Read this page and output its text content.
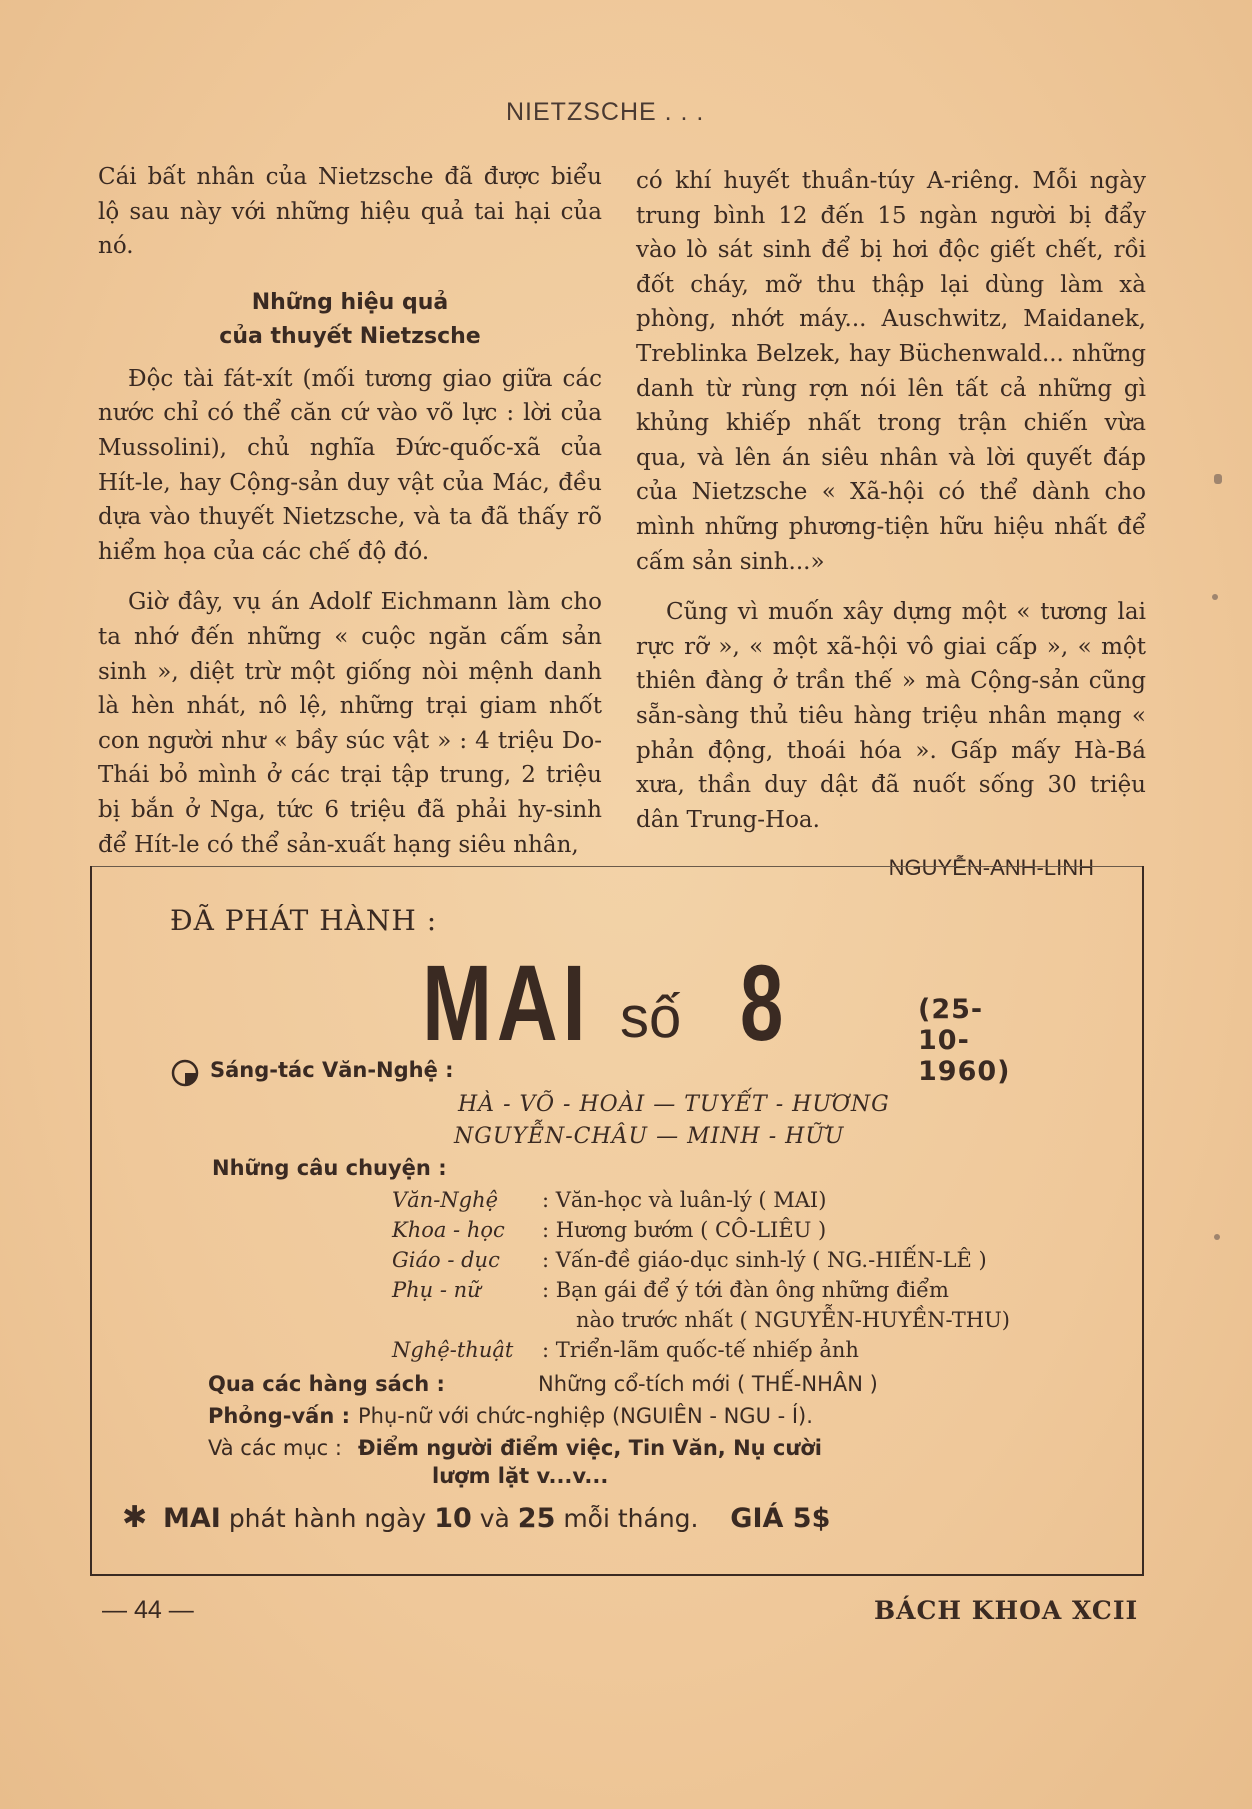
NIETZSCHE . . .

Cái bất nhân của Nietzsche đã được biểu lộ sau này với những hiệu quả tai hại của nó.

Những hiệu quả
của thuyết Nietzsche

Độc tài fát-xít (mối tương giao giữa các nước chỉ có thể căn cứ vào võ lực : lời của Mussolini), chủ nghĩa Đức-quốc-xã của Hít-le, hay Cộng-sản duy vật của Mác, đều dựa vào thuyết Nietzsche, và ta đã thấy rõ hiểm họa của các chế độ đó.

Giờ đây, vụ án Adolf Eichmann làm cho ta nhớ đến những « cuộc ngăn cấm sản sinh », diệt trừ một giống nòi mệnh danh là hèn nhát, nô lệ, những trại giam nhốt con người như « bầy súc vật » : 4 triệu Do-Thái bỏ mình ở các trại tập trung, 2 triệu bị bắn ở Nga, tức 6 triệu đã phải hy-sinh để Hít-le có thể sản-xuất hạng siêu nhân,

có khí huyết thuần-túy A-riêng. Mỗi ngày trung bình 12 đến 15 ngàn người bị đẩy vào lò sát sinh để bị hơi độc giết chết, rồi đốt cháy, mỡ thu thập lại dùng làm xà phòng, nhớt máy... Auschwitz, Maidanek, Treblinka Belzek, hay Büchenwald... những danh từ rùng rợn nói lên tất cả những gì khủng khiếp nhất trong trận chiến vừa qua, và lên án siêu nhân và lời quyết đáp của Nietzsche « Xã-hội có thể dành cho mình những phương-tiện hữu hiệu nhất để cấm sản sinh...»

Cũng vì muốn xây dựng một « tương lai rực rỡ », « một xã-hội vô giai cấp », « một thiên đàng ở trần thế » mà Cộng-sản cũng sẵn-sàng thủ tiêu hàng triệu nhân mạng « phản động, thoái hóa ». Gấp mấy Hà-Bá xưa, thần duy dật đã nuốt sống 30 triệu dân Trung-Hoa.

NGUYỄN-ANH-LINH
ĐÃ PHÁT HÀNH :
MAI số 8	(25-10-1960)
Sáng-tác Văn-Nghệ :
HÀ - VÕ - HOÀI — TUYẾT - HƯƠNG
NGUYỄN-CHÂU — MINH - HỮU
Những câu chuyện :
Văn-Nghệ	: Văn-học và luân-lý ( MAI)
Khoa - học	: Hương bướm ( CÔ-LIÊU )
Giáo - dục	: Vấn-đề giáo-dục sinh-lý ( NG.-HIẾN-LÊ )
Phụ - nữ	: Bạn gái để ý tới đàn ông những điểm
nào trước nhất ( NGUYỄN-HUYỀN-THU)
Nghệ-thuật	: Triển-lãm quốc-tế nhiếp ảnh
Qua các hàng sách :	Những cổ-tích mới ( THẾ-NHÂN )
Phỏng-vấn : Phụ-nữ với chức-nghiệp (NGUIÊN - NGU - Í).
Và các mục : Điểm người điểm việc, Tin Văn, Nụ cười
lượm lặt v...v...
✱ MAI phát hành ngày 10 và 25 mỗi tháng. GIÁ 5$
— 44 —	BÁCH KHOA XCII
